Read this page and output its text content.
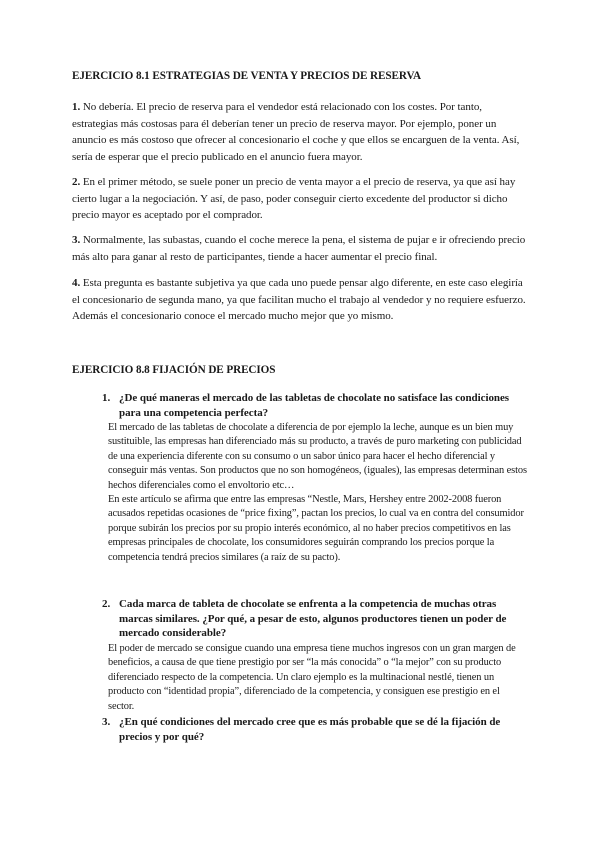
EJERCICIO 8.1 ESTRATEGIAS DE VENTA Y PRECIOS DE RESERVA
1. No debería. El precio de reserva para el vendedor está relacionado con los costes. Por tanto, estrategias más costosas para él deberían tener un precio de reserva mayor. Por ejemplo, poner un anuncio es más costoso que ofrecer al concesionario el coche y que ellos se encarguen de la venta. Así, sería de esperar que el precio publicado en el anuncio fuera mayor.
2. En el primer método, se suele poner un precio de venta mayor a el precio de reserva, ya que así hay cierto lugar a la negociación. Y así, de paso, poder conseguir cierto excedente del productor si dicho precio mayor es aceptado por el comprador.
3. Normalmente, las subastas, cuando el coche merece la pena, el sistema de pujar e ir ofreciendo precio más alto para ganar al resto de participantes, tiende a hacer aumentar el precio final.
4. Esta pregunta es bastante subjetiva ya que cada uno puede pensar algo diferente, en este caso elegiría el concesionario de segunda mano, ya que facilitan mucho el trabajo al vendedor y no requiere esfuerzo. Además el concesionario conoce el mercado mucho mejor que yo mismo.
EJERCICIO 8.8 FIJACIÓN DE PRECIOS
1. ¿De qué maneras el mercado de las tabletas de chocolate no satisface las condiciones para una competencia perfecta?
El mercado de las tabletas de chocolate a diferencia de por ejemplo la leche, aunque es un bien muy sustituible, las empresas han diferenciado más su producto, a través de puro marketing con publicidad de una experiencia diferente con su consumo o un sabor único para hacer el hecho diferencial y conseguir más ventas. Son productos que no son homogéneos, (iguales), las empresas determinan estos hechos diferenciales como el envoltorio etc…
En este artículo se afirma que entre las empresas “Nestle, Mars, Hershey entre 2002-2008 fueron acusados repetidas ocasiones de “price fixing”, pactan los precios, lo cual va en contra del consumidor porque subirán los precios por su propio interés económico, al no haber precios competitivos en las empresas principales de chocolate, los consumidores seguirán comprando los precios porque la competencia tendrá precios similares (a raíz de su pacto).
2. Cada marca de tableta de chocolate se enfrenta a la competencia de muchas otras marcas similares. ¿Por qué, a pesar de esto, algunos productores tienen un poder de mercado considerable?
El poder de mercado se consigue cuando una empresa tiene muchos ingresos con un gran margen de beneficios, a causa de que tiene prestigio por ser “la más conocida” o “la mejor” con su producto diferenciado respecto de la competencia. Un claro ejemplo es la multinacional nestlé, tienen un producto con “identidad propia”, diferenciado de la competencia, y consiguen ese prestigio en el sector.
3. ¿En qué condiciones del mercado cree que es más probable que se dé la fijación de precios y por qué?
